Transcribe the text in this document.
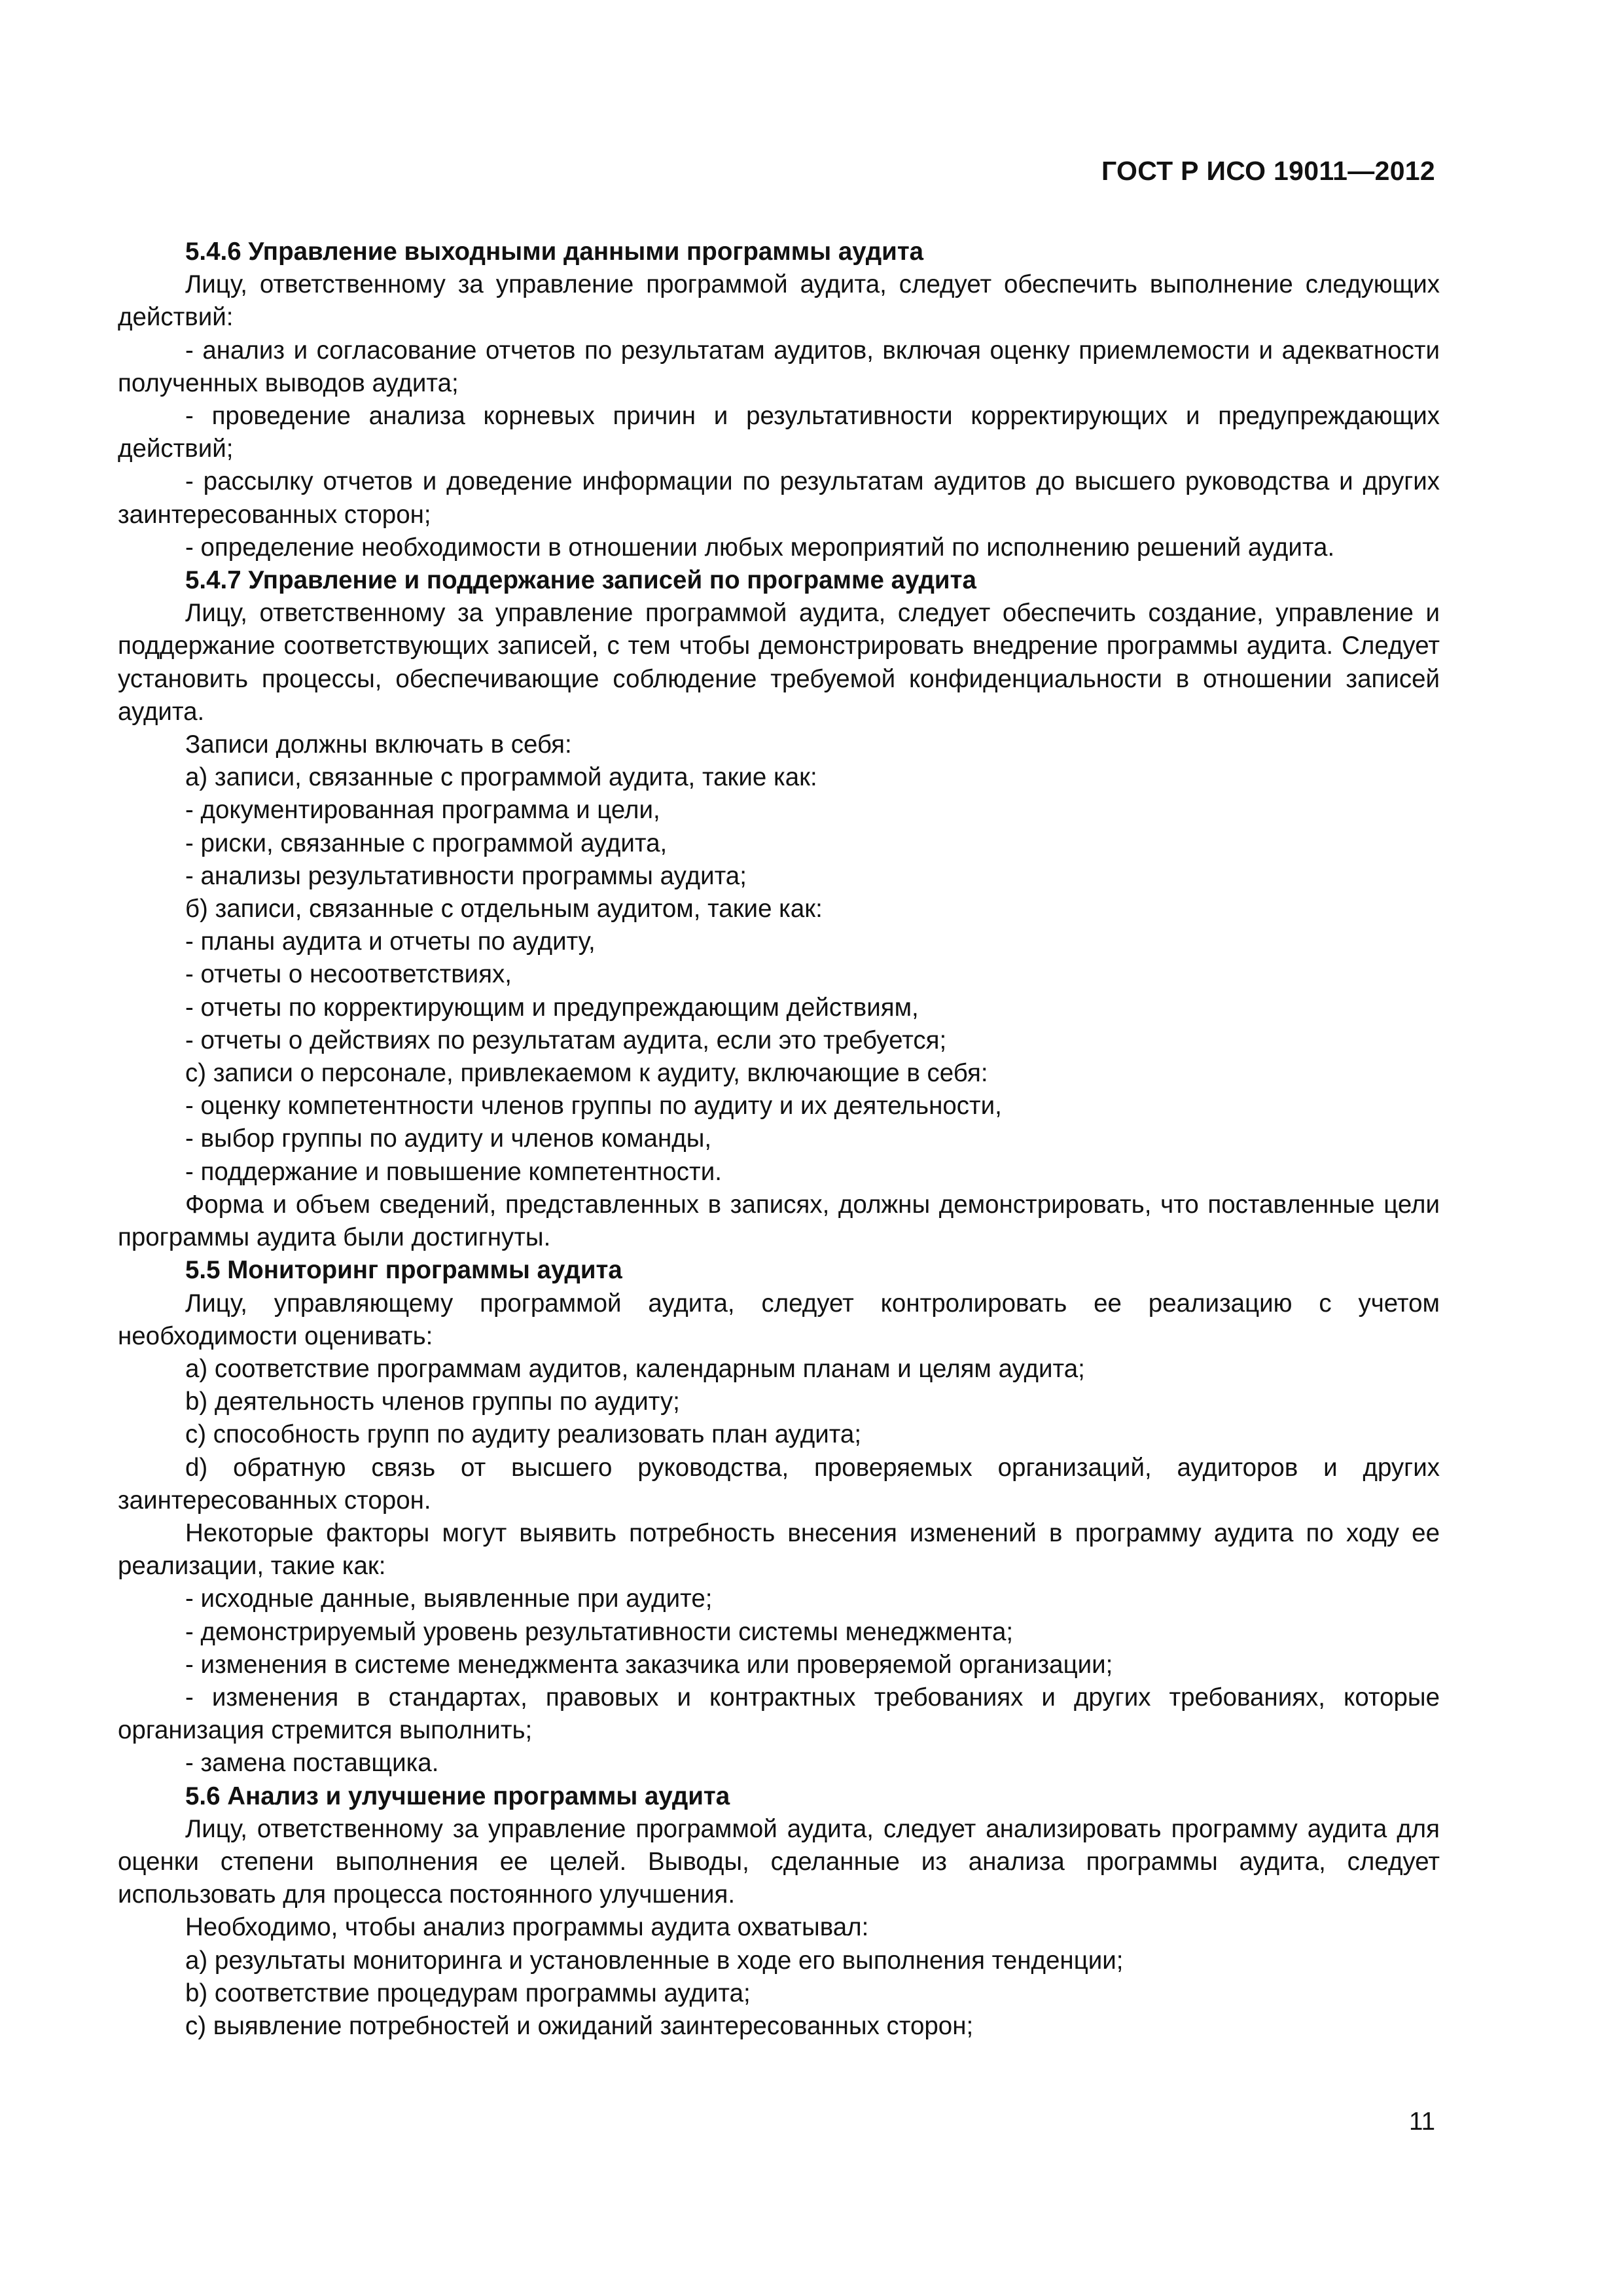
ГОСТ Р ИСО 19011—2012

5.4.6 Управление выходными данными программы аудита

Лицу, ответственному за управление программой аудита, следует обеспечить выполнение следующих действий:

- анализ и согласование отчетов по результатам аудитов, включая оценку приемлемости и адекватности полученных выводов аудита;

- проведение анализа корневых причин и результативности корректирующих и предупреждающих действий;

- рассылку отчетов и доведение информации по результатам аудитов до высшего руководства и других заинтересованных сторон;

- определение необходимости в отношении любых мероприятий по исполнению решений аудита.

5.4.7 Управление и поддержание записей по программе аудита

Лицу, ответственному за управление программой аудита, следует обеспечить создание, управление и поддержание соответствующих записей, с тем чтобы демонстрировать внедрение программы аудита. Следует установить процессы, обеспечивающие соблюдение требуемой конфиденциальности в отношении записей аудита.

Записи должны включать в себя:

а) записи, связанные с программой аудита, такие как:

- документированная программа и цели,

- риски, связанные с программой аудита,

- анализы результативности программы аудита;

б) записи, связанные с отдельным аудитом, такие как:

- планы аудита и отчеты по аудиту,

- отчеты о несоответствиях,

- отчеты по корректирующим и предупреждающим действиям,

- отчеты о действиях по результатам аудита, если это требуется;

с) записи о персонале, привлекаемом к аудиту, включающие в себя:

- оценку компетентности членов группы по аудиту и их деятельности,

- выбор группы по аудиту и членов команды,

- поддержание и повышение компетентности.

Форма и объем сведений, представленных в записях, должны демонстрировать, что поставленные цели программы аудита были достигнуты.

5.5 Мониторинг программы аудита

Лицу, управляющему программой аудита, следует контролировать ее реализацию с учетом необходимости оценивать:

a) соответствие программам аудитов, календарным планам и целям аудита;

b) деятельность членов группы по аудиту;

c) способность групп по аудиту реализовать план аудита;

d) обратную связь от высшего руководства, проверяемых организаций, аудиторов и других заинтересованных сторон.

Некоторые факторы могут выявить потребность внесения изменений в программу аудита по ходу ее реализации, такие как:

- исходные данные, выявленные при аудите;

- демонстрируемый уровень результативности системы менеджмента;

- изменения в системе менеджмента заказчика или проверяемой организации;

- изменения в стандартах, правовых и контрактных требованиях и других требованиях, которые организация стремится выполнить;

- замена поставщика.

5.6 Анализ и улучшение программы аудита

Лицу, ответственному за управление программой аудита, следует анализировать программу аудита для оценки степени выполнения ее целей. Выводы, сделанные из анализа программы аудита, следует использовать для процесса постоянного улучшения.

Необходимо, чтобы анализ программы аудита охватывал:

a) результаты мониторинга и установленные в ходе его выполнения тенденции;

b) соответствие процедурам программы аудита;

c) выявление потребностей и ожиданий заинтересованных сторон;

11
